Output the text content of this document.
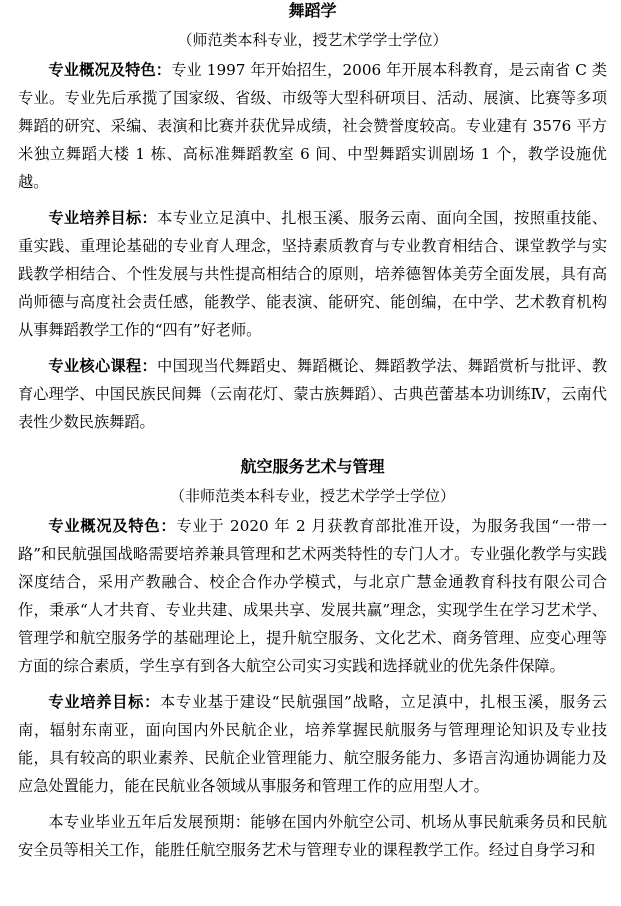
舞蹈学
（师范类本科专业，授艺术学学士学位）

专业概况及特色：专业 1997 年开始招生，2006 年开展本科教育，是云南省 C 类专业。专业先后承揽了国家级、省级、市级等大型科研项目、活动、展演、比赛等多项舞蹈的研究、采编、表演和比赛并获优异成绩，社会赞誉度较高。专业建有 3576 平方米独立舞蹈大楼 1 栋、高标准舞蹈教室 6 间、中型舞蹈实训剧场 1 个，教学设施优越。

专业培养目标：本专业立足滇中、扎根玉溪、服务云南、面向全国，按照重技能、重实践、重理论基础的专业育人理念，坚持素质教育与专业教育相结合、课堂教学与实践教学相结合、个性发展与共性提高相结合的原则，培养德智体美劳全面发展，具有高尚师德与高度社会责任感，能教学、能表演、能研究、能创编，在中学、艺术教育机构从事舞蹈教学工作的“四有”好老师。

专业核心课程：中国现当代舞蹈史、舞蹈概论、舞蹈教学法、舞蹈赏析与批评、教育心理学、中国民族民间舞（云南花灯、蒙古族舞蹈）、古典芭蕾基本功训练Ⅳ，云南代表性少数民族舞蹈。

航空服务艺术与管理
（非师范类本科专业，授艺术学学士学位）

专业概况及特色：专业于 2020 年 2 月获教育部批准开设，为服务我国“一带一路”和民航强国战略需要培养兼具管理和艺术两类特性的专门人才。专业强化教学与实践深度结合，采用产教融合、校企合作办学模式，与北京广慧金通教育科技有限公司合作，秉承“人才共育、专业共建、成果共享、发展共赢”理念，实现学生在学习艺术学、管理学和航空服务学的基础理论上，提升航空服务、文化艺术、商务管理、应变心理等方面的综合素质，学生享有到各大航空公司实习实践和选择就业的优先条件保障。

专业培养目标：本专业基于建设“民航强国”战略，立足滇中，扎根玉溪，服务云南，辐射东南亚，面向国内外民航企业，培养掌握民航服务与管理理论知识及专业技能，具有较高的职业素养、民航企业管理能力、航空服务能力、多语言沟通协调能力及应急处置能力，能在民航业各领域从事服务和管理工作的应用型人才。

本专业毕业五年后发展预期：能够在国内外航空公司、机场从事民航乘务员和民航安全员等相关工作，能胜任航空服务艺术与管理专业的课程教学工作。经过自身学习和
